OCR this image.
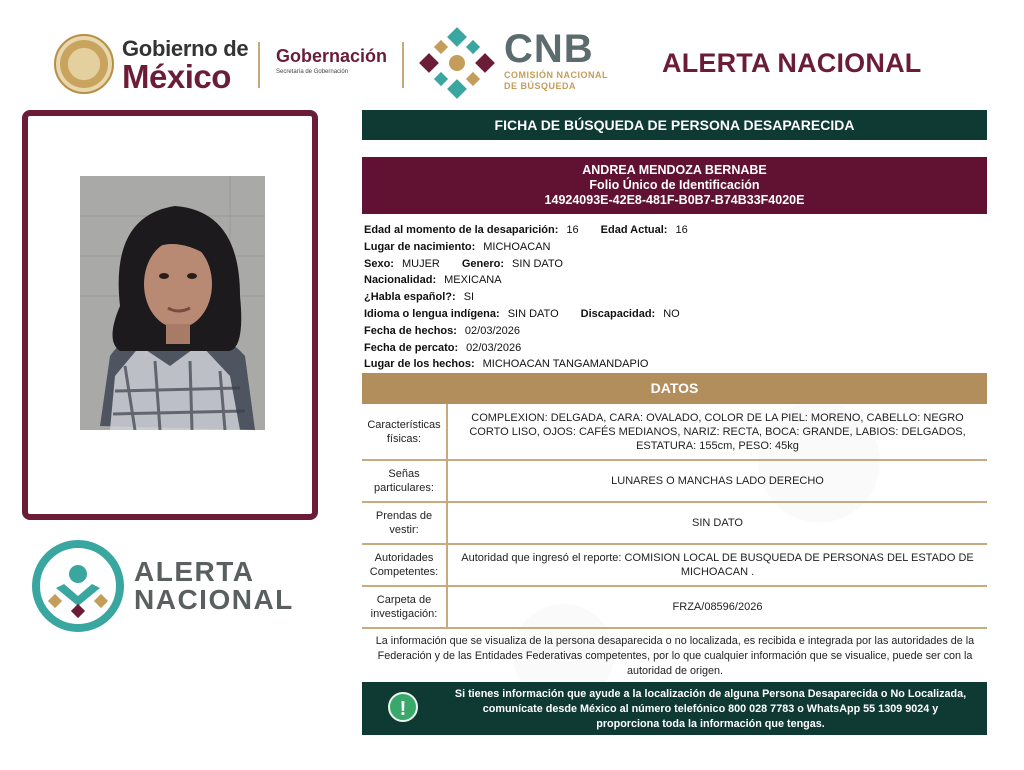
Gobierno de
México
Gobernación
Secretaría de Gobernación
CNB
COMISIÓN NACIONAL
DE BÚSQUEDA
ALERTA NACIONAL
ALERTA
NACIONAL
FICHA DE BÚSQUEDA DE PERSONA DESAPARECIDA
ANDREA MENDOZA BERNABE
Folio Único de Identificación
14924093E-42E8-481F-B0B7-B74B33F4020E
Edad al momento de la desaparición: 16 Edad Actual: 16
Lugar de nacimiento: MICHOACAN
Sexo: MUJER Genero: SIN DATO
Nacionalidad: MEXICANA
¿Habla español?: SI
Idioma o lengua indígena: SIN DATO Discapacidad: NO
Fecha de hechos: 02/03/2026
Fecha de percato: 02/03/2026
Lugar de los hechos: MICHOACAN TANGAMANDAPIO
DATOS
Características físicas:	COMPLEXION: DELGADA, CARA: OVALADO, COLOR DE LA PIEL: MORENO, CABELLO: NEGRO CORTO LISO, OJOS: CAFÉS MEDIANOS, NARIZ: RECTA, BOCA: GRANDE, LABIOS: DELGADOS, ESTATURA: 155cm, PESO: 45kg
Señas particulares:	LUNARES O MANCHAS LADO DERECHO
Prendas de vestir:	SIN DATO
Autoridades Competentes:	Autoridad que ingresó el reporte: COMISION LOCAL DE BUSQUEDA DE PERSONAS DEL ESTADO DE MICHOACAN .
Carpeta de investigación:	FRZA/08596/2026
La información que se visualiza de la persona desaparecida o no localizada, es recibida e integrada por las autoridades de la Federación y de las Entidades Federativas competentes, por lo que cualquier información que se visualice, puede ser con la autoridad de origen.
Si tienes información que ayude a la localización de alguna Persona Desaparecida o No Localizada,
comunícate desde México al número telefónico 800 028 7783 o WhatsApp 55 1309 9024 y
proporciona toda la información que tengas.
!
